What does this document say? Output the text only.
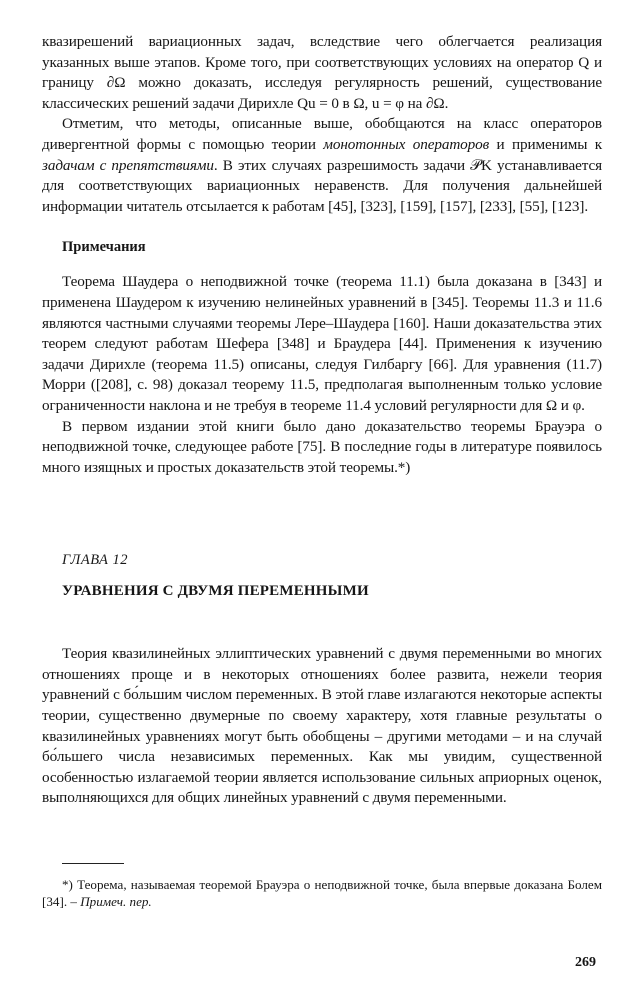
квазирешений вариационных задач, вследствие чего облегчается реализация указанных выше этапов. Кроме того, при соответствующих условиях на оператор Q и границу ∂Ω можно доказать, исследуя регулярность решений, существование классических решений задачи Дирихле Qu = 0 в Ω, u = φ на ∂Ω.

Отметим, что методы, описанные выше, обобщаются на класс операторов дивергентной формы с помощью теории монотонных операторов и применимы к задачам с препятствиями. В этих случаях разрешимость задачи 𝒫K устанавливается для соответствующих вариационных неравенств. Для получения дальнейшей информации читатель отсылается к работам [45], [323], [159], [157], [233], [55], [123].

Примечания

Теорема Шаудера о неподвижной точке (теорема 11.1) была доказана в [343] и применена Шаудером к изучению нелинейных уравнений в [345]. Теоремы 11.3 и 11.6 являются частными случаями теоремы Лере–Шаудера [160]. Наши доказательства этих теорем следуют работам Шефера [348] и Браудера [44]. Применения к изучению задачи Дирихле (теорема 11.5) описаны, следуя Гилбаргу [66]. Для уравнения (11.7) Морри ([208], с. 98) доказал теорему 11.5, предполагая выполненным только условие ограниченности наклона и не требуя в теореме 11.4 условий регулярности для Ω и φ.

В первом издании этой книги было дано доказательство теоремы Брауэра о неподвижной точке, следующее работе [75]. В последние годы в литературе появилось много изящных и простых доказательств этой теоремы.*)

ГЛАВА 12
УРАВНЕНИЯ С ДВУМЯ ПЕРЕМЕННЫМИ

Теория квазилинейных эллиптических уравнений с двумя переменными во многих отношениях проще и в некоторых отношениях более развита, нежели теория уравнений с бо́льшим числом переменных. В этой главе излагаются некоторые аспекты теории, существенно двумерные по своему характеру, хотя главные результаты о квазилинейных уравнениях могут быть обобщены – другими методами – и на случай бо́льшего числа независимых переменных. Как мы увидим, существенной особенностью излагаемой теории является использование сильных априорных оценок, выполняющихся для общих линейных уравнений с двумя переменными.

*) Теорема, называемая теоремой Брауэра о неподвижной точке, была впервые доказана Болем [34]. – Примеч. пер.

269
